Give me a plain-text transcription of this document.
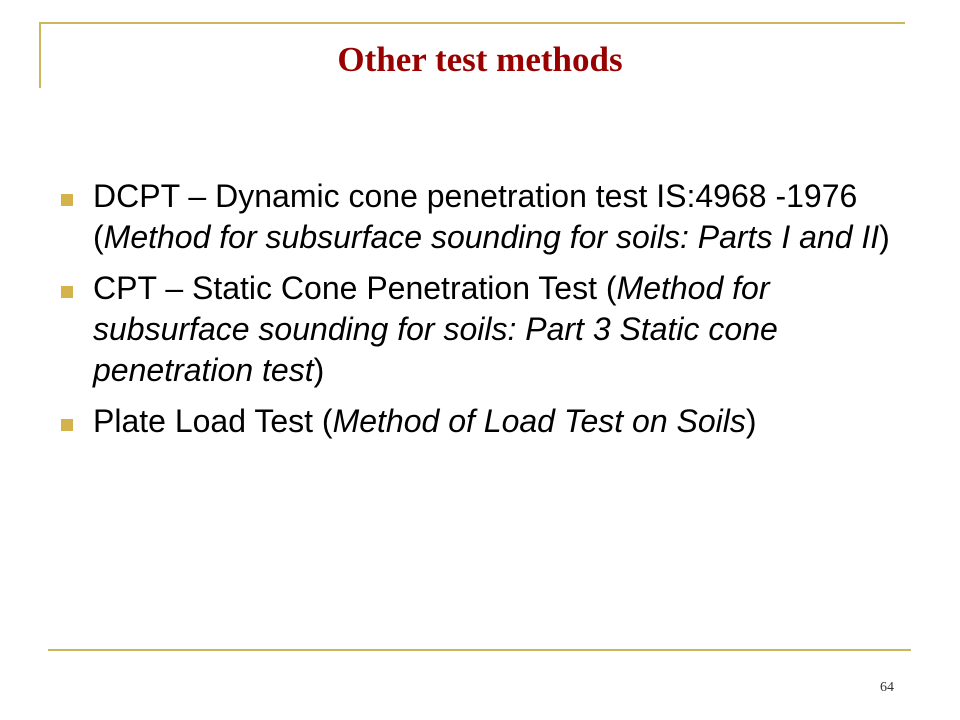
Other test methods
DCPT – Dynamic cone penetration test IS:4968 -1976 (Method for subsurface sounding for soils: Parts I and II)
CPT – Static Cone Penetration Test (Method for subsurface sounding for soils: Part 3 Static cone penetration test)
Plate Load Test (Method of Load Test on Soils)
64
